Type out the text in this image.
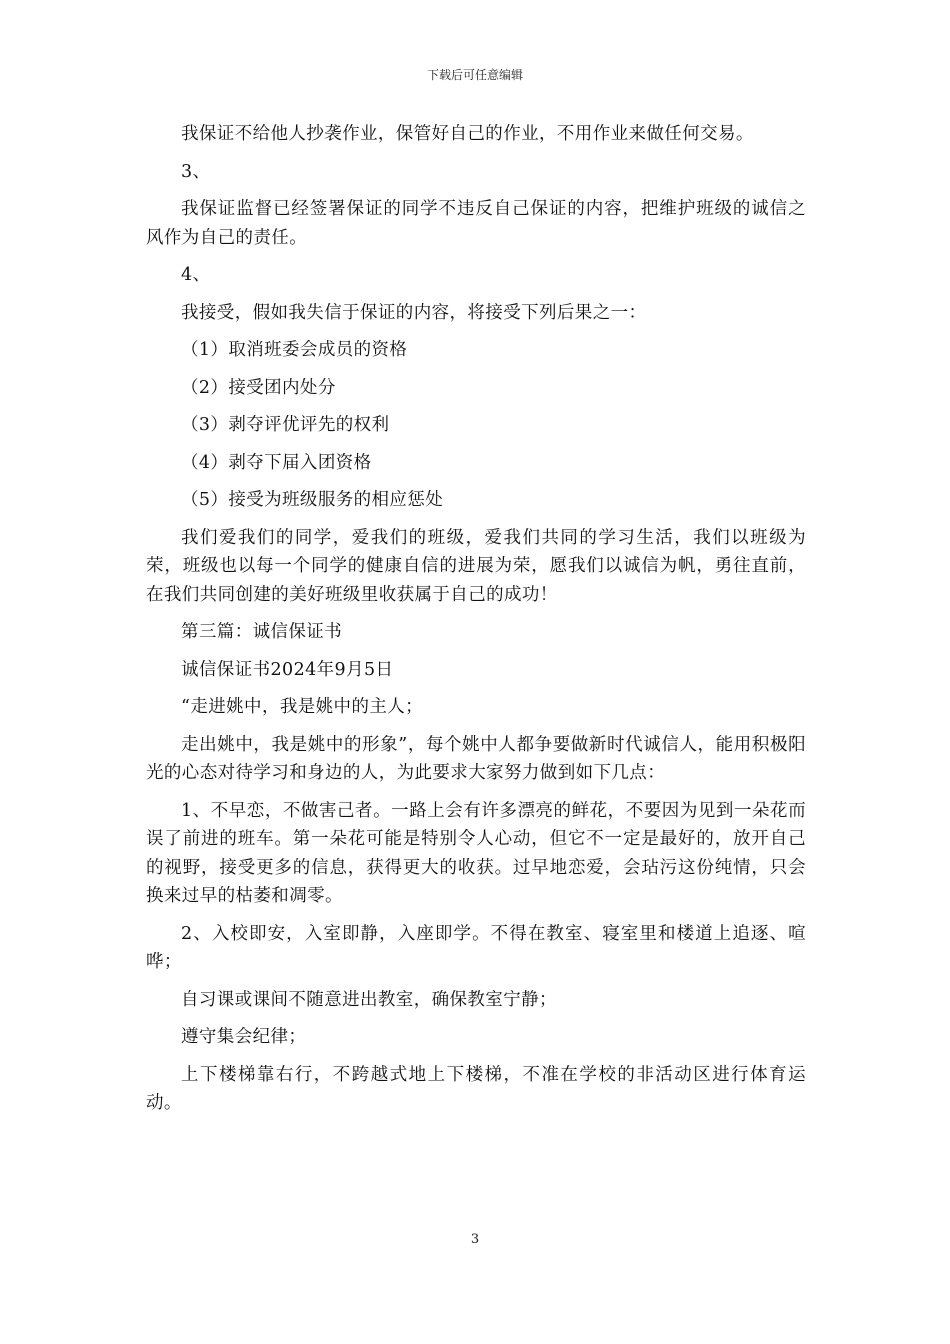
下载后可任意编辑

我保证不给他人抄袭作业，保管好自己的作业，不用作业来做任何交易。

3、

我保证监督已经签署保证的同学不违反自己保证的内容，把维护班级的诚信之风作为自己的责任。

4、

我接受，假如我失信于保证的内容，将接受下列后果之一：

（1）取消班委会成员的资格

（2）接受团内处分

（3）剥夺评优评先的权利

（4）剥夺下届入团资格

（5）接受为班级服务的相应惩处

我们爱我们的同学，爱我们的班级，爱我们共同的学习生活，我们以班级为荣，班级也以每一个同学的健康自信的进展为荣，愿我们以诚信为帆，勇往直前，在我们共同创建的美好班级里收获属于自己的成功！

第三篇：诚信保证书

诚信保证书2024年9月5日

“走进姚中，我是姚中的主人；

走出姚中，我是姚中的形象”，每个姚中人都争要做新时代诚信人，能用积极阳光的心态对待学习和身边的人，为此要求大家努力做到如下几点：

1、不早恋，不做害己者。一路上会有许多漂亮的鲜花，不要因为见到一朵花而误了前进的班车。第一朵花可能是特别令人心动，但它不一定是最好的，放开自己的视野，接受更多的信息，获得更大的收获。过早地恋爱，会玷污这份纯情，只会换来过早的枯萎和凋零。

2、入校即安，入室即静，入座即学。不得在教室、寝室里和楼道上追逐、喧哗；

自习课或课间不随意进出教室，确保教室宁静；

遵守集会纪律；

上下楼梯靠右行，不跨越式地上下楼梯，不准在学校的非活动区进行体育运动。

3
